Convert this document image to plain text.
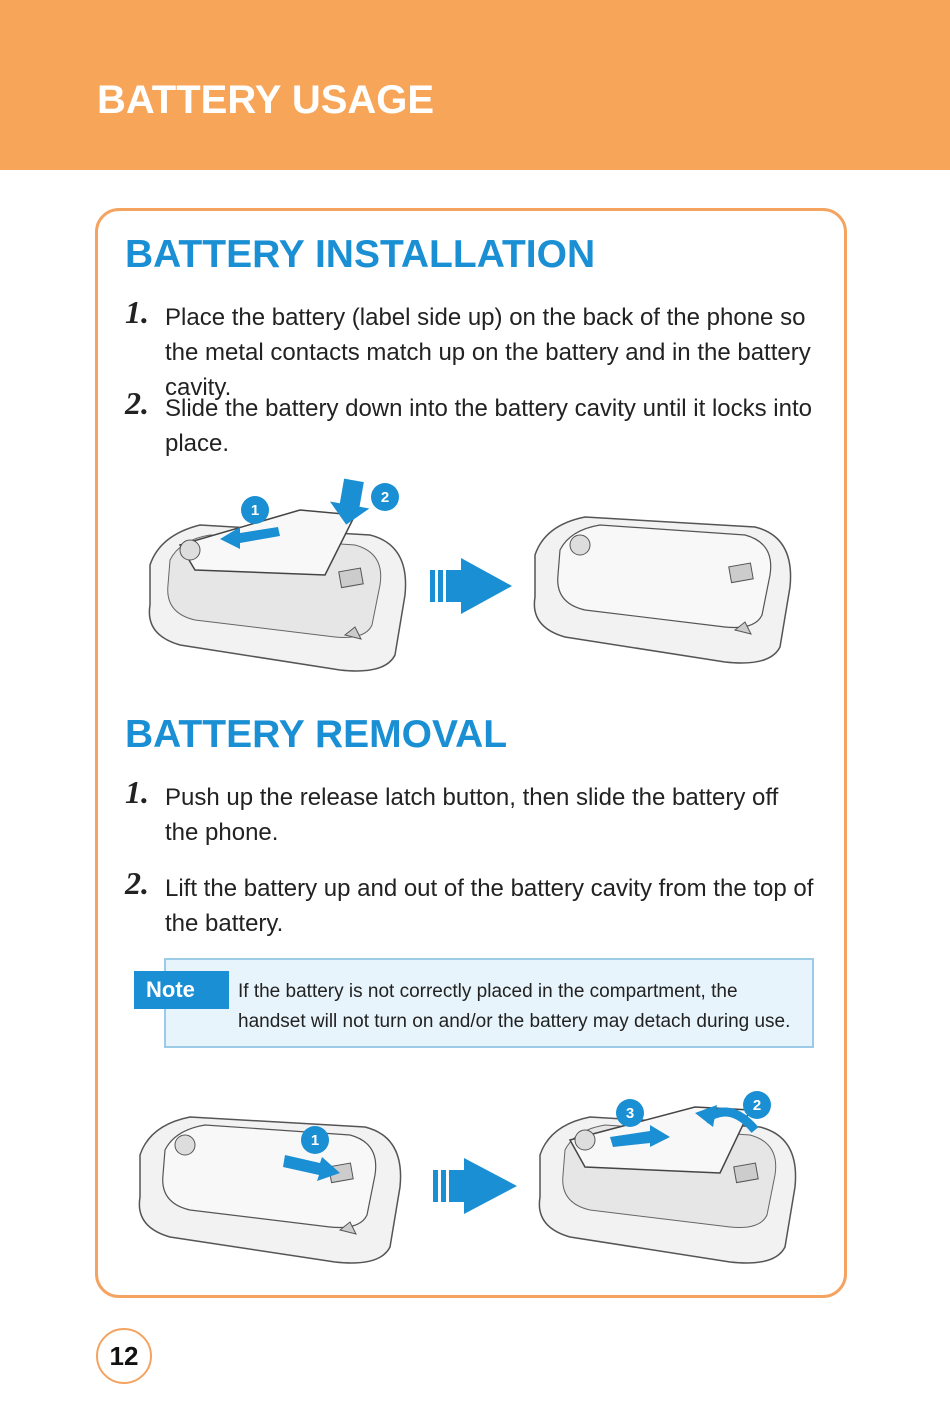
BATTERY USAGE
BATTERY INSTALLATION
1. Place the battery (label side up) on the back of the phone so the metal contacts match up on the battery and in the battery cavity.
2. Slide the battery down into the battery cavity until it locks into place.
1
2
BATTERY REMOVAL
1. Push up the release latch button, then slide the battery off the phone.
2. Lift the battery up and out of the battery cavity from the top of the battery.
Note	If the battery is not correctly placed in the compartment, the handset will not turn on and/or the battery may detach during use.
1
3	2
12
